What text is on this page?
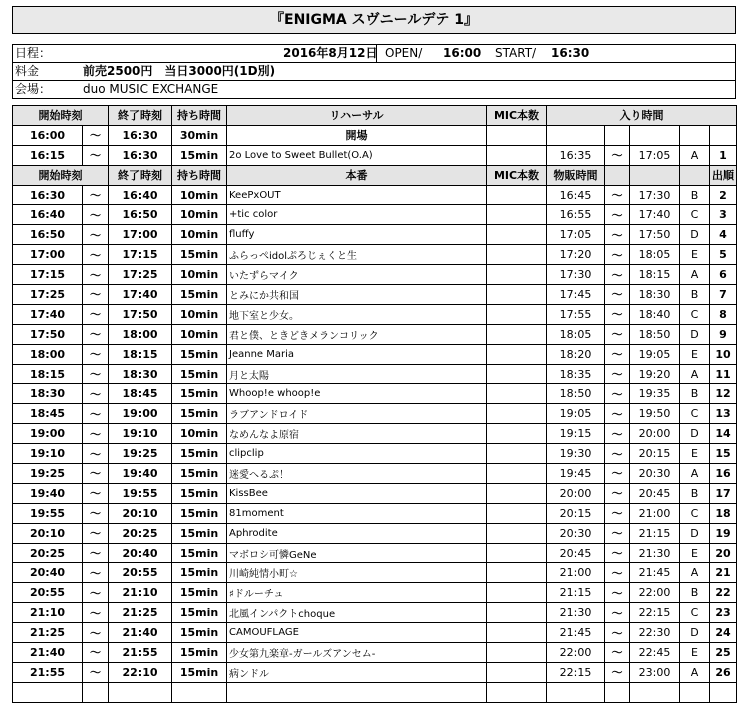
『ENIGMA スヴニールデテ 1』
日程：	2016年8月12日 OPEN/ 16:00 START/ 16:30
料金	前売2500円　当日3000円(1D別)
会場：	duo MUSIC EXCHANGE
開始時刻		終了時刻	持ち時間	リハーサル	MIC本数	入り時間				
16:00	〜	16:30	30min	開場						
16:15	〜	16:30	15min	2o Love to Sweet Bullet(O.A)		16:35	〜	17:05	A	1
開始時刻		終了時刻	持ち時間	本番	MIC本数	物販時間				出順
16:30	〜	16:40	10min	KeePxOUT		16:45	〜	17:30	B	2
16:40	〜	16:50	10min	+tic color		16:55	〜	17:40	C	3
16:50	〜	17:00	10min	fluffy		17:05	〜	17:50	D	4
17:00	〜	17:15	15min	ふらっぺidolぷろじぇくと生		17:20	〜	18:05	E	5
17:15	〜	17:25	10min	いたずらマイク		17:30	〜	18:15	A	6
17:25	〜	17:40	15min	とみにか共和国		17:45	〜	18:30	B	7
17:40	〜	17:50	10min	地下室と少女。		17:55	〜	18:40	C	8
17:50	〜	18:00	10min	君と僕、ときどきメランコリック		18:05	〜	18:50	D	9
18:00	〜	18:15	15min	Jeanne Maria		18:20	〜	19:05	E	10
18:15	〜	18:30	15min	月と太陽		18:35	〜	19:20	A	11
18:30	〜	18:45	15min	Whoop!e whoop!e		18:50	〜	19:35	B	12
18:45	〜	19:00	15min	ラブアンドロイド		19:05	〜	19:50	C	13
19:00	〜	19:10	10min	なめんなよ原宿		19:15	〜	20:00	D	14
19:10	〜	19:25	15min	clipclip		19:30	〜	20:15	E	15
19:25	〜	19:40	15min	迷愛へるぷ！		19:45	〜	20:30	A	16
19:40	〜	19:55	15min	KissBee		20:00	〜	20:45	B	17
19:55	〜	20:10	15min	81moment		20:15	〜	21:00	C	18
20:10	〜	20:25	15min	Aphrodite		20:30	〜	21:15	D	19
20:25	〜	20:40	15min	マボロシ可憐GeNe		20:45	〜	21:30	E	20
20:40	〜	20:55	15min	川崎純情小町☆		21:00	〜	21:45	A	21
20:55	〜	21:10	15min	♯ドルーチュ		21:15	〜	22:00	B	22
21:10	〜	21:25	15min	北風インパクトchoque		21:30	〜	22:15	C	23
21:25	〜	21:40	15min	CAMOUFLAGE		21:45	〜	22:30	D	24
21:40	〜	21:55	15min	少女第九楽章-ガールズアンセム-		22:00	〜	22:45	E	25
21:55	〜	22:10	15min	病ンドル		22:15	〜	23:00	A	26
